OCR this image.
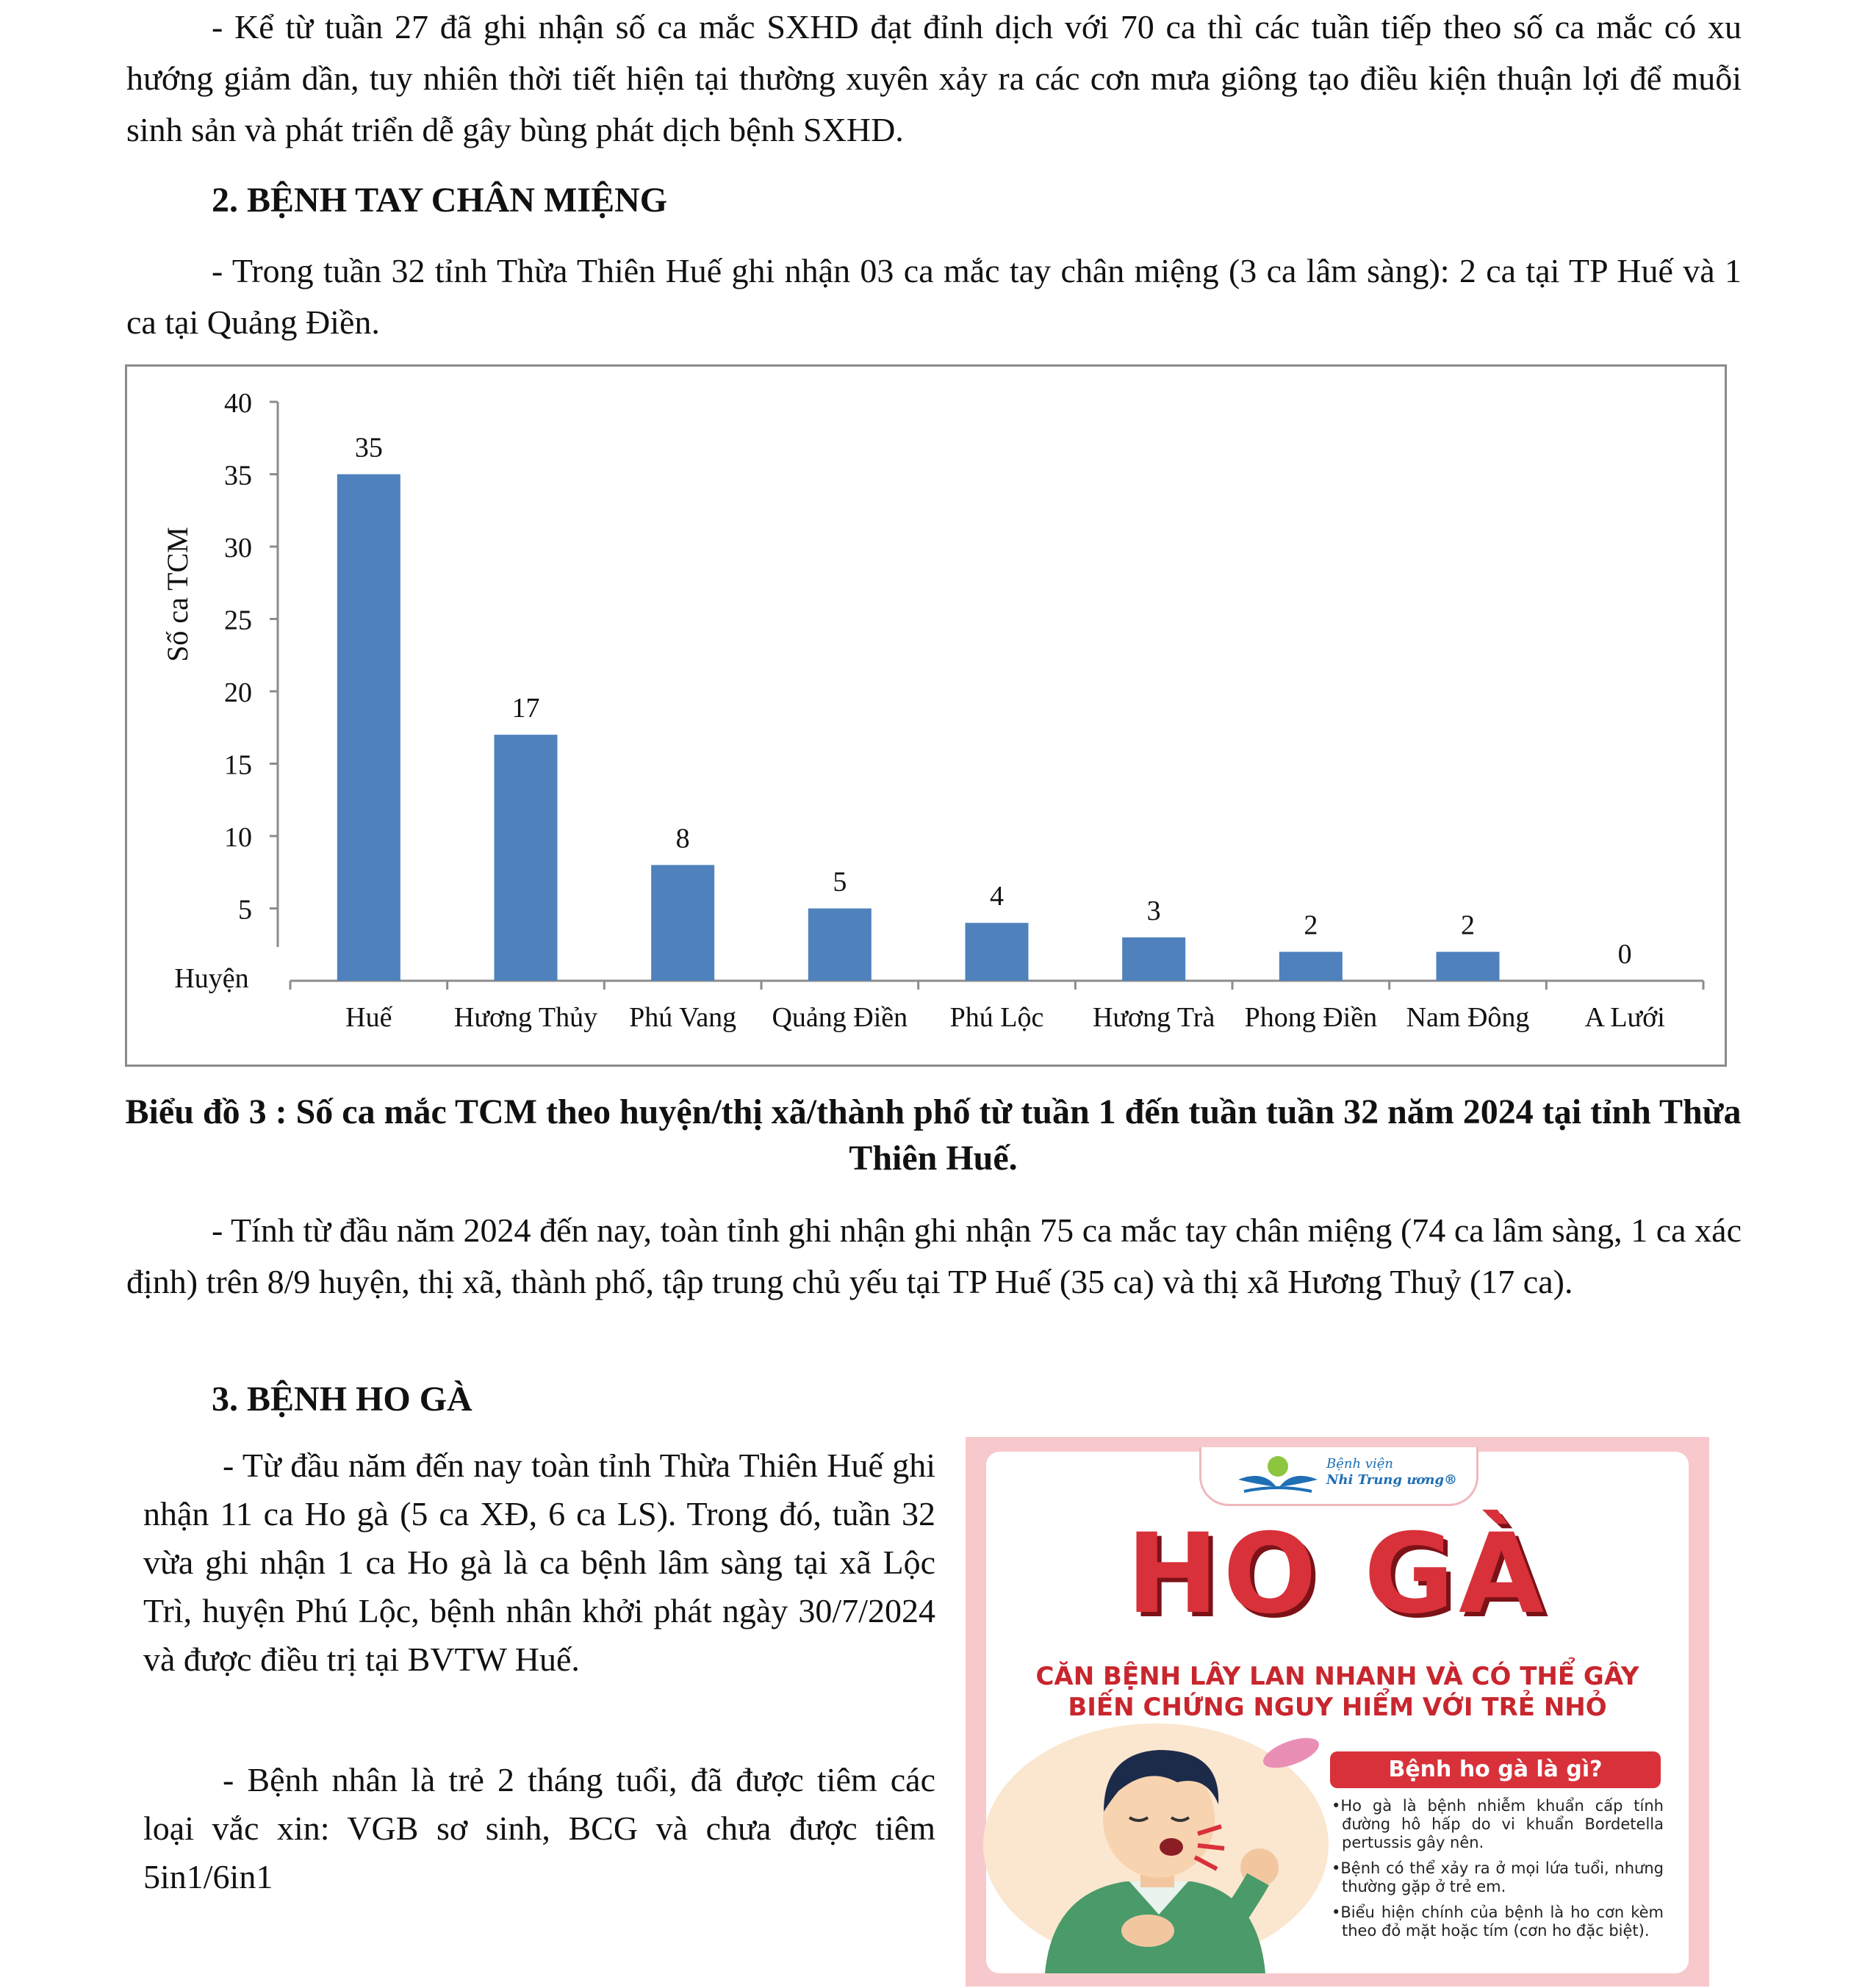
- Kể từ tuần 27 đã ghi nhận số ca mắc SXHD đạt đỉnh dịch với 70 ca thì các tuần tiếp theo số ca mắc có xu hướng giảm dần, tuy nhiên thời tiết hiện tại thường xuyên xảy ra các cơn mưa giông tạo điều kiện thuận lợi để muỗi sinh sản và phát triển dễ gây bùng phát dịch bệnh SXHD.

2. BỆNH TAY CHÂN MIỆNG

- Trong tuần 32 tỉnh Thừa Thiên Huế ghi nhận 03 ca mắc tay chân miệng (3 ca lâm sàng): 2 ca tại TP Huế và 1 ca tại Quảng Điền.

5
10
15
20
25
30
35
40
35
17
8
5	4	3	2	2
0
Huế Hương Thủy Phú Vang Quảng Điền Phú Lộc Hương Trà Phong Điền Nam Đông A Lưới
Số ca TCM
Huyện

Biểu đồ 3 : Số ca mắc TCM theo huyện/thị xã/thành phố từ tuần 1 đến tuần tuần 32 năm 2024 tại tỉnh Thừa Thiên Huế.

- Tính từ đầu năm 2024 đến nay, toàn tỉnh ghi nhận ghi nhận 75 ca mắc tay chân miệng (74 ca lâm sàng, 1 ca xác định) trên 8/9 huyện, thị xã, thành phố, tập trung chủ yếu tại TP Huế (35 ca) và thị xã Hương Thuỷ (17 ca).

3. BỆNH HO GÀ

- Từ đầu năm đến nay toàn tỉnh Thừa Thiên Huế ghi nhận 11 ca Ho gà (5 ca XĐ, 6 ca LS). Trong đó, tuần 32 vừa ghi nhận 1 ca Ho gà là ca bệnh lâm sàng tại xã Lộc Trì, huyện Phú Lộc, bệnh nhân khởi phát ngày 30/7/2024 và được điều trị tại BVTW Huế.

- Bệnh nhân là trẻ 2 tháng tuổi, đã được tiêm các loại vắc xin: VGB sơ sinh, BCG và chưa được tiêm 5in1/6in1

Bệnh viện
Nhi Trung ương®
HO GÀ
CĂN BỆNH LÂY LAN NHANH VÀ CÓ THỂ GÂY
BIẾN CHỨNG NGUY HIỂM VỚI TRẺ NHỎ
Bệnh ho gà là gì?

•Ho gà là bệnh nhiễm khuẩn cấp tính đường hô hấp do vi khuẩn Bordetella pertussis gây nên.

•Bệnh có thể xảy ra ở mọi lứa tuổi, nhưng thường gặp ở trẻ em.

•Biểu hiện chính của bệnh là ho cơn kèm theo đỏ mặt hoặc tím (cơn ho đặc biệt).
